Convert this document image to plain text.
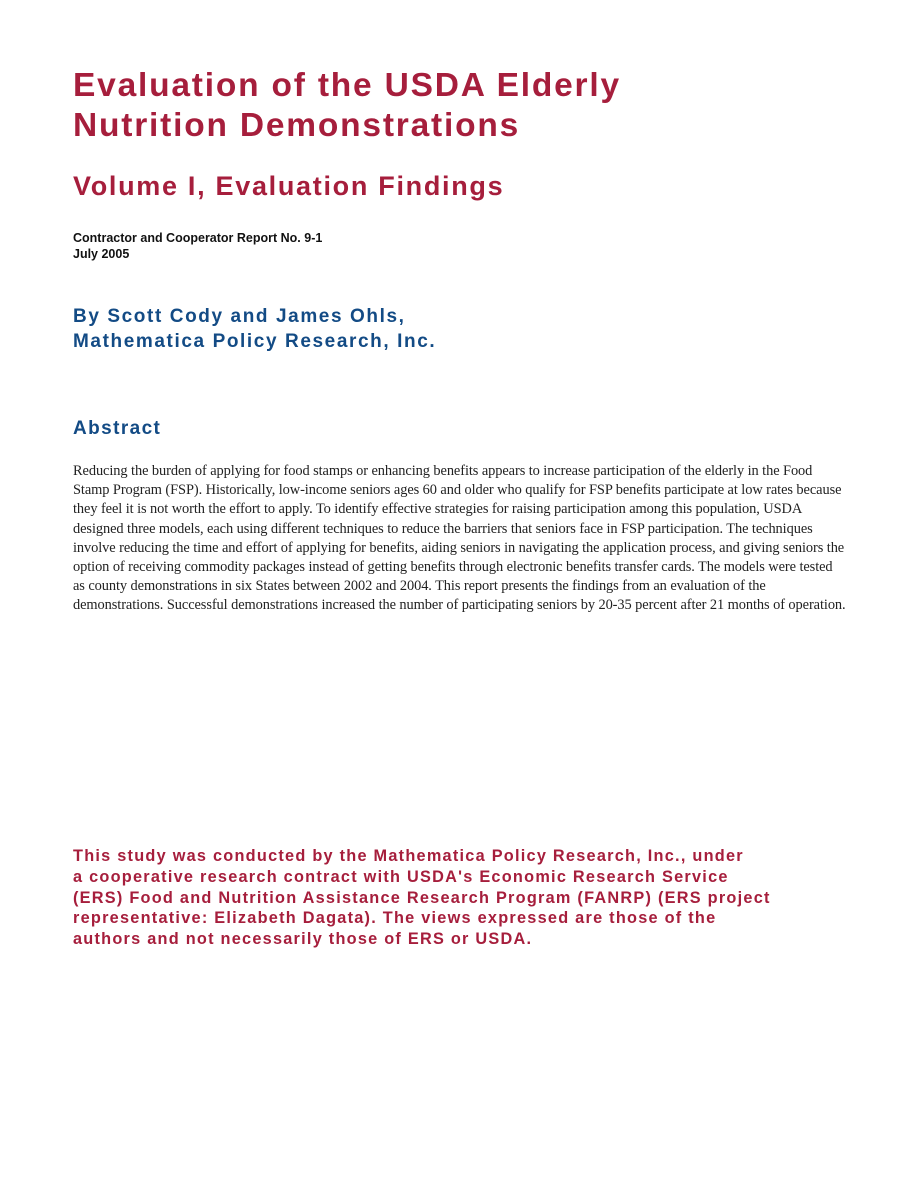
Evaluation of the USDA Elderly
Nutrition Demonstrations
Volume I, Evaluation Findings
Contractor and Cooperator Report No. 9-1
July 2005
By Scott Cody and James Ohls,
Mathematica Policy Research, Inc.
Abstract

Reducing the burden of applying for food stamps or enhancing benefits appears to increase participation of the elderly in the Food Stamp Program (FSP). Historically, low-income seniors ages 60 and older who qualify for FSP benefits participate at low rates because they feel it is not worth the effort to apply. To identify effective strategies for raising participation among this population, USDA designed three models, each using different techniques to reduce the barriers that seniors face in FSP participation. The techniques involve reducing the time and effort of applying for benefits, aiding seniors in navigating the application process, and giving seniors the option of receiving commodity packages instead of getting benefits through electronic benefits transfer cards. The models were tested as county demonstrations in six States between 2002 and 2004. This report presents the findings from an evaluation of the demonstrations. Successful demonstrations increased the number of participating seniors by 20-35 percent after 21 months of operation.

This study was conducted by the Mathematica Policy Research, Inc., under
a cooperative research contract with USDA's Economic Research Service
(ERS) Food and Nutrition Assistance Research Program (FANRP) (ERS project
representative: Elizabeth Dagata). The views expressed are those of the
authors and not necessarily those of ERS or USDA.
